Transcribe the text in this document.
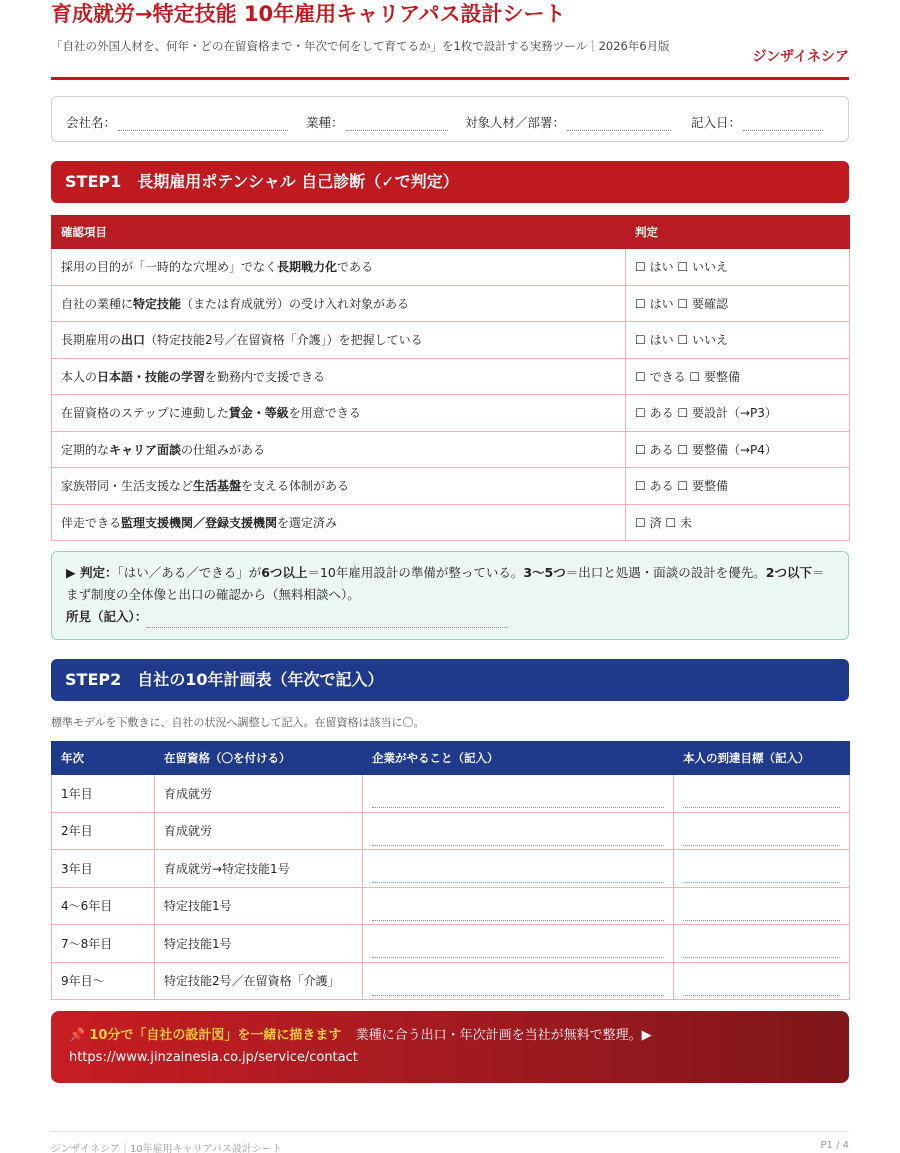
育成就労→特定技能 10年雇用キャリアパス設計シート
「自社の外国人材を、何年・どの在留資格まで・年次で何をして育てるか」を1枚で設計する実務ツール｜2026年6月版
ジンザイネシア
会社名：	業種：	対象人材／部署：	記入日：
STEP1　長期雇用ポテンシャル 自己診断（✓で判定）
確認項目	判定
採用の目的が「一時的な穴埋め」でなく長期戦力化である	☐ はい ☐ いいえ
自社の業種に特定技能（または育成就労）の受け入れ対象がある	☐ はい ☐ 要確認
長期雇用の出口（特定技能2号／在留資格「介護」）を把握している	☐ はい ☐ いいえ
本人の日本語・技能の学習を勤務内で支援できる	☐ できる ☐ 要整備
在留資格のステップに連動した賃金・等級を用意できる	☐ ある ☐ 要設計（→P3）
定期的なキャリア面談の仕組みがある	☐ ある ☐ 要整備（→P4）
家族帯同・生活支援など生活基盤を支える体制がある	☐ ある ☐ 要整備
伴走できる監理支援機関／登録支援機関を選定済み	☐ 済 ☐ 未
▶ 判定：「はい／ある／できる」が6つ以上＝10年雇用設計の準備が整っている。3〜5つ＝出口と処遇・面談の設計を優先。2つ以下＝まず制度の全体像と出口の確認から（無料相談へ）。
所見（記入）：
STEP2　自社の10年計画表（年次で記入）
標準モデルを下敷きに、自社の状況へ調整して記入。在留資格は該当に〇。
年次	在留資格（〇を付ける）	企業がやること（記入）	本人の到達目標（記入）
1年目	育成就労	

2年目	育成就労	

3年目	育成就労→特定技能1号	

4〜6年目	特定技能1号	

7〜8年目	特定技能1号	

9年目〜	特定技能2号／在留資格「介護」	

📌 10分で「自社の設計図」を一緒に描きます 業種に合う出口・年次計画を当社が無料で整理。▶
https://www.jinzainesia.co.jp/service/contact
ジンザイネシア｜10年雇用キャリアパス設計シート	P1 / 4
